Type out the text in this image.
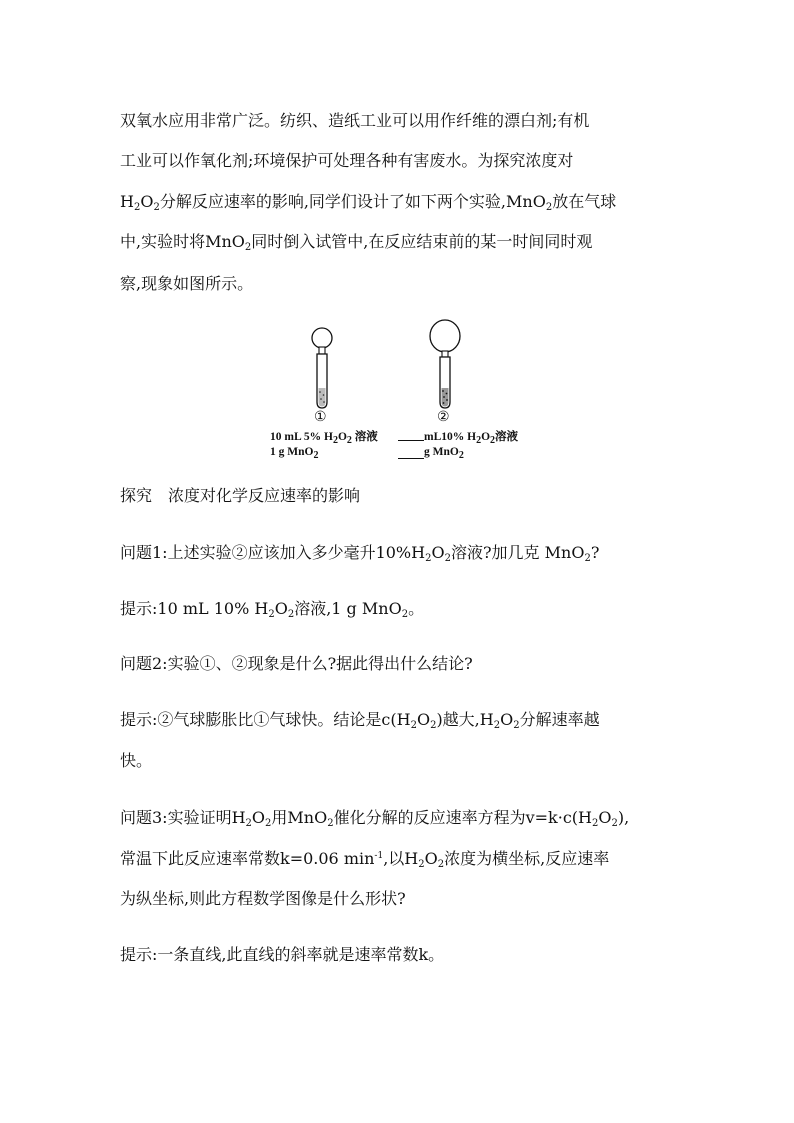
双氧水应用非常广泛。纺织、造纸工业可以用作纤维的漂白剂;有机

工业可以作氧化剂;环境保护可处理各种有害废水。为探究浓度对

$H_2O_2$分解反应速率的影响,同学们设计了如下两个实验,MnO$_2$放在气球

中,实验时将MnO$_2$同时倒入试管中,在反应结束前的某一时间同时观

察,现象如图所示。

①	②
10 mL 5% $H_2O_2$ 溶液
1 g MnO$_2$
mL10% $H_2O_2$溶液
g MnO$_2$

探究　浓度对化学反应速率的影响

问题1:上述实验②应该加入多少毫升$10\%H_2O_2$溶液?加几克 MnO$_2$?

提示:10 mL 10% $H_2O_2$溶液,1 g MnO$_2$。

问题2:实验①、②现象是什么?据此得出什么结论?

提示:②气球膨胀比①气球快。结论是$c(H_2O_2)$越大$,H_2O_2$分解速率越

快。

问题3:实验证明$H_2O_2$用MnO$_2$催化分解的反应速率方程为$v=k\cdot c(H_2O_2)$,

常温下此反应速率常数k=0.06 $\min^{-1}$,以$H_2O_2$浓度为横坐标,反应速率

为纵坐标,则此方程数学图像是什么形状?

提示:一条直线,此直线的斜率就是速率常数k。
